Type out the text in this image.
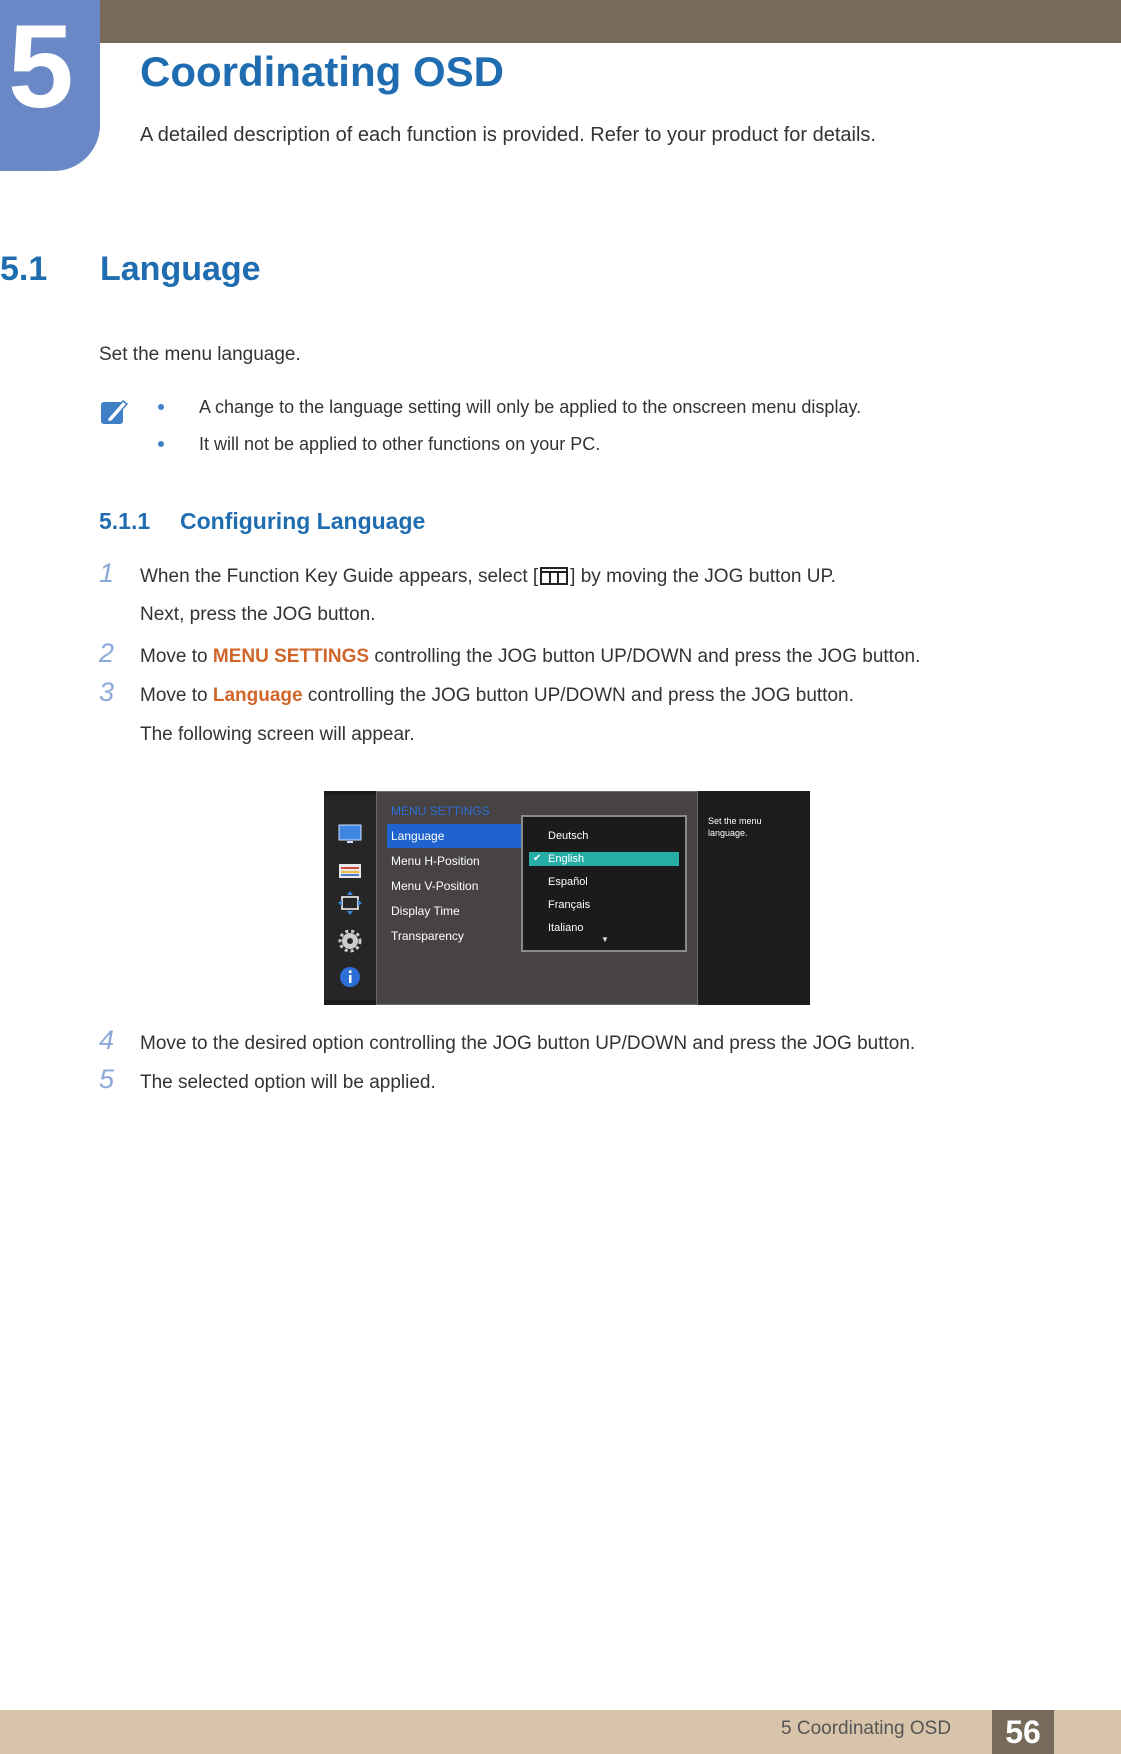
5 Coordinating OSD

A detailed description of each function is provided. Refer to your product for details.

5.1 Language

Set the menu language.

A change to the language setting will only be applied to the onscreen menu display.
It will not be applied to other functions on your PC.
5.1.1 Configuring Language
1 When the Function Key Guide appears, select [ ] by moving the JOG button UP.
Next, press the JOG button.
2 Move to MENU SETTINGS controlling the JOG button UP/DOWN and press the JOG button.
3 Move to Language controlling the JOG button UP/DOWN and press the JOG button.
The following screen will appear.
MENU SETTINGS
Language
Menu H-Position
Menu V-Position
Display Time
Transparency
Deutsch
✔ English
Español
Français
Italiano
▼
Set the menu language.
4 Move to the desired option controlling the JOG button UP/DOWN and press the JOG button.
5 The selected option will be applied.
5 Coordinating OSD	56
